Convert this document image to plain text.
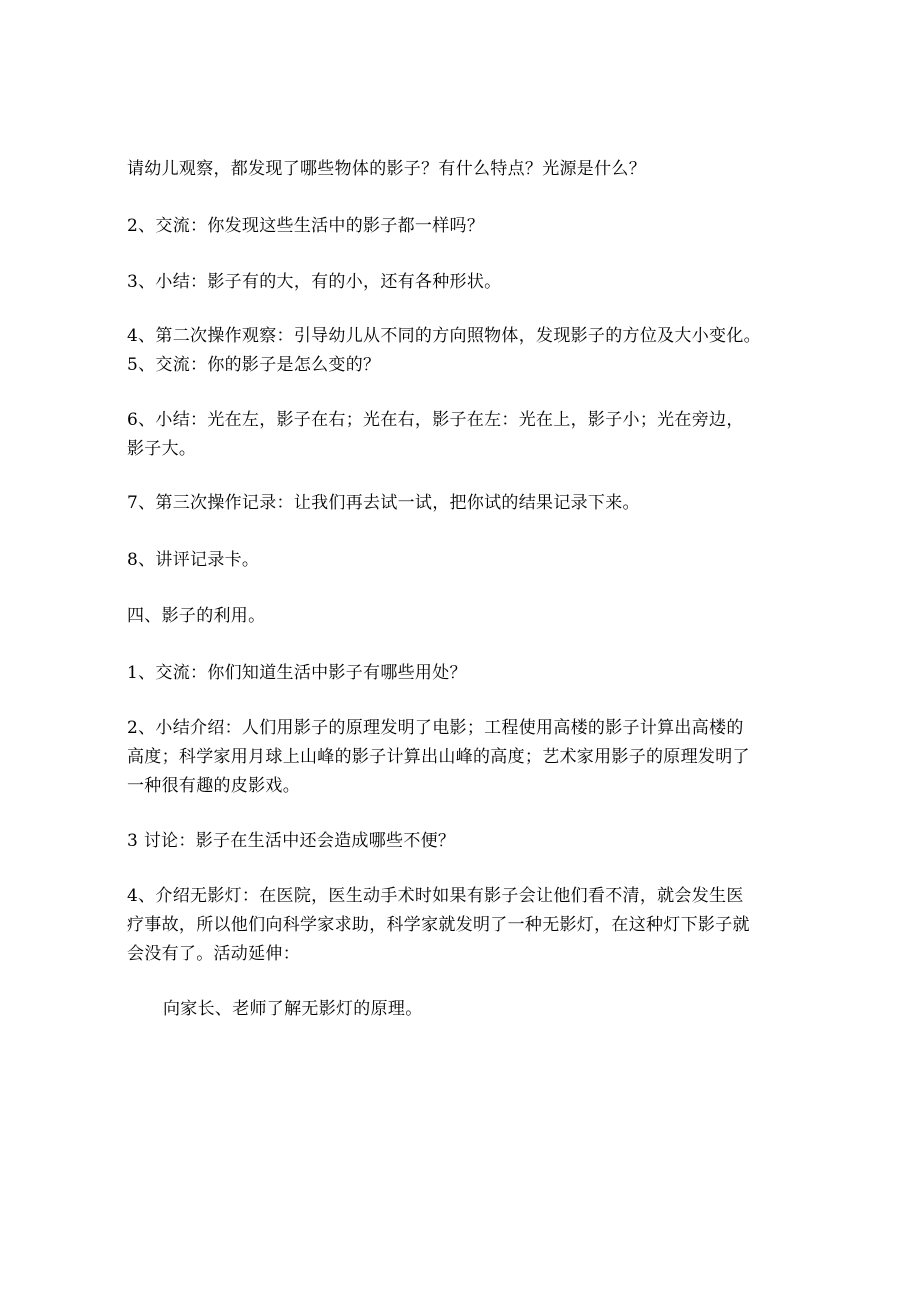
请幼儿观察，都发现了哪些物体的影子？有什么特点？光源是什么？
2、交流：你发现这些生活中的影子都一样吗？
3、小结：影子有的大，有的小，还有各种形状。
4、第二次操作观察：引导幼儿从不同的方向照物体，发现影子的方位及大小变化。
5、交流：你的影子是怎么变的？
6、小结：光在左，影子在右；光在右，影子在左：光在上，影子小；光在旁边，
影子大。
7、第三次操作记录：让我们再去试一试，把你试的结果记录下来。
8、讲评记录卡。
四、影子的利用。
1、交流：你们知道生活中影子有哪些用处？
2、小结介绍：人们用影子的原理发明了电影；工程使用高楼的影子计算出高楼的
高度；科学家用月球上山峰的影子计算出山峰的高度；艺术家用影子的原理发明了
一种很有趣的皮影戏。
3 讨论：影子在生活中还会造成哪些不便？
4、介绍无影灯：在医院，医生动手术时如果有影子会让他们看不清，就会发生医
疗事故，所以他们向科学家求助，科学家就发明了一种无影灯，在这种灯下影子就
会没有了。活动延伸：
向家长、老师了解无影灯的原理。
